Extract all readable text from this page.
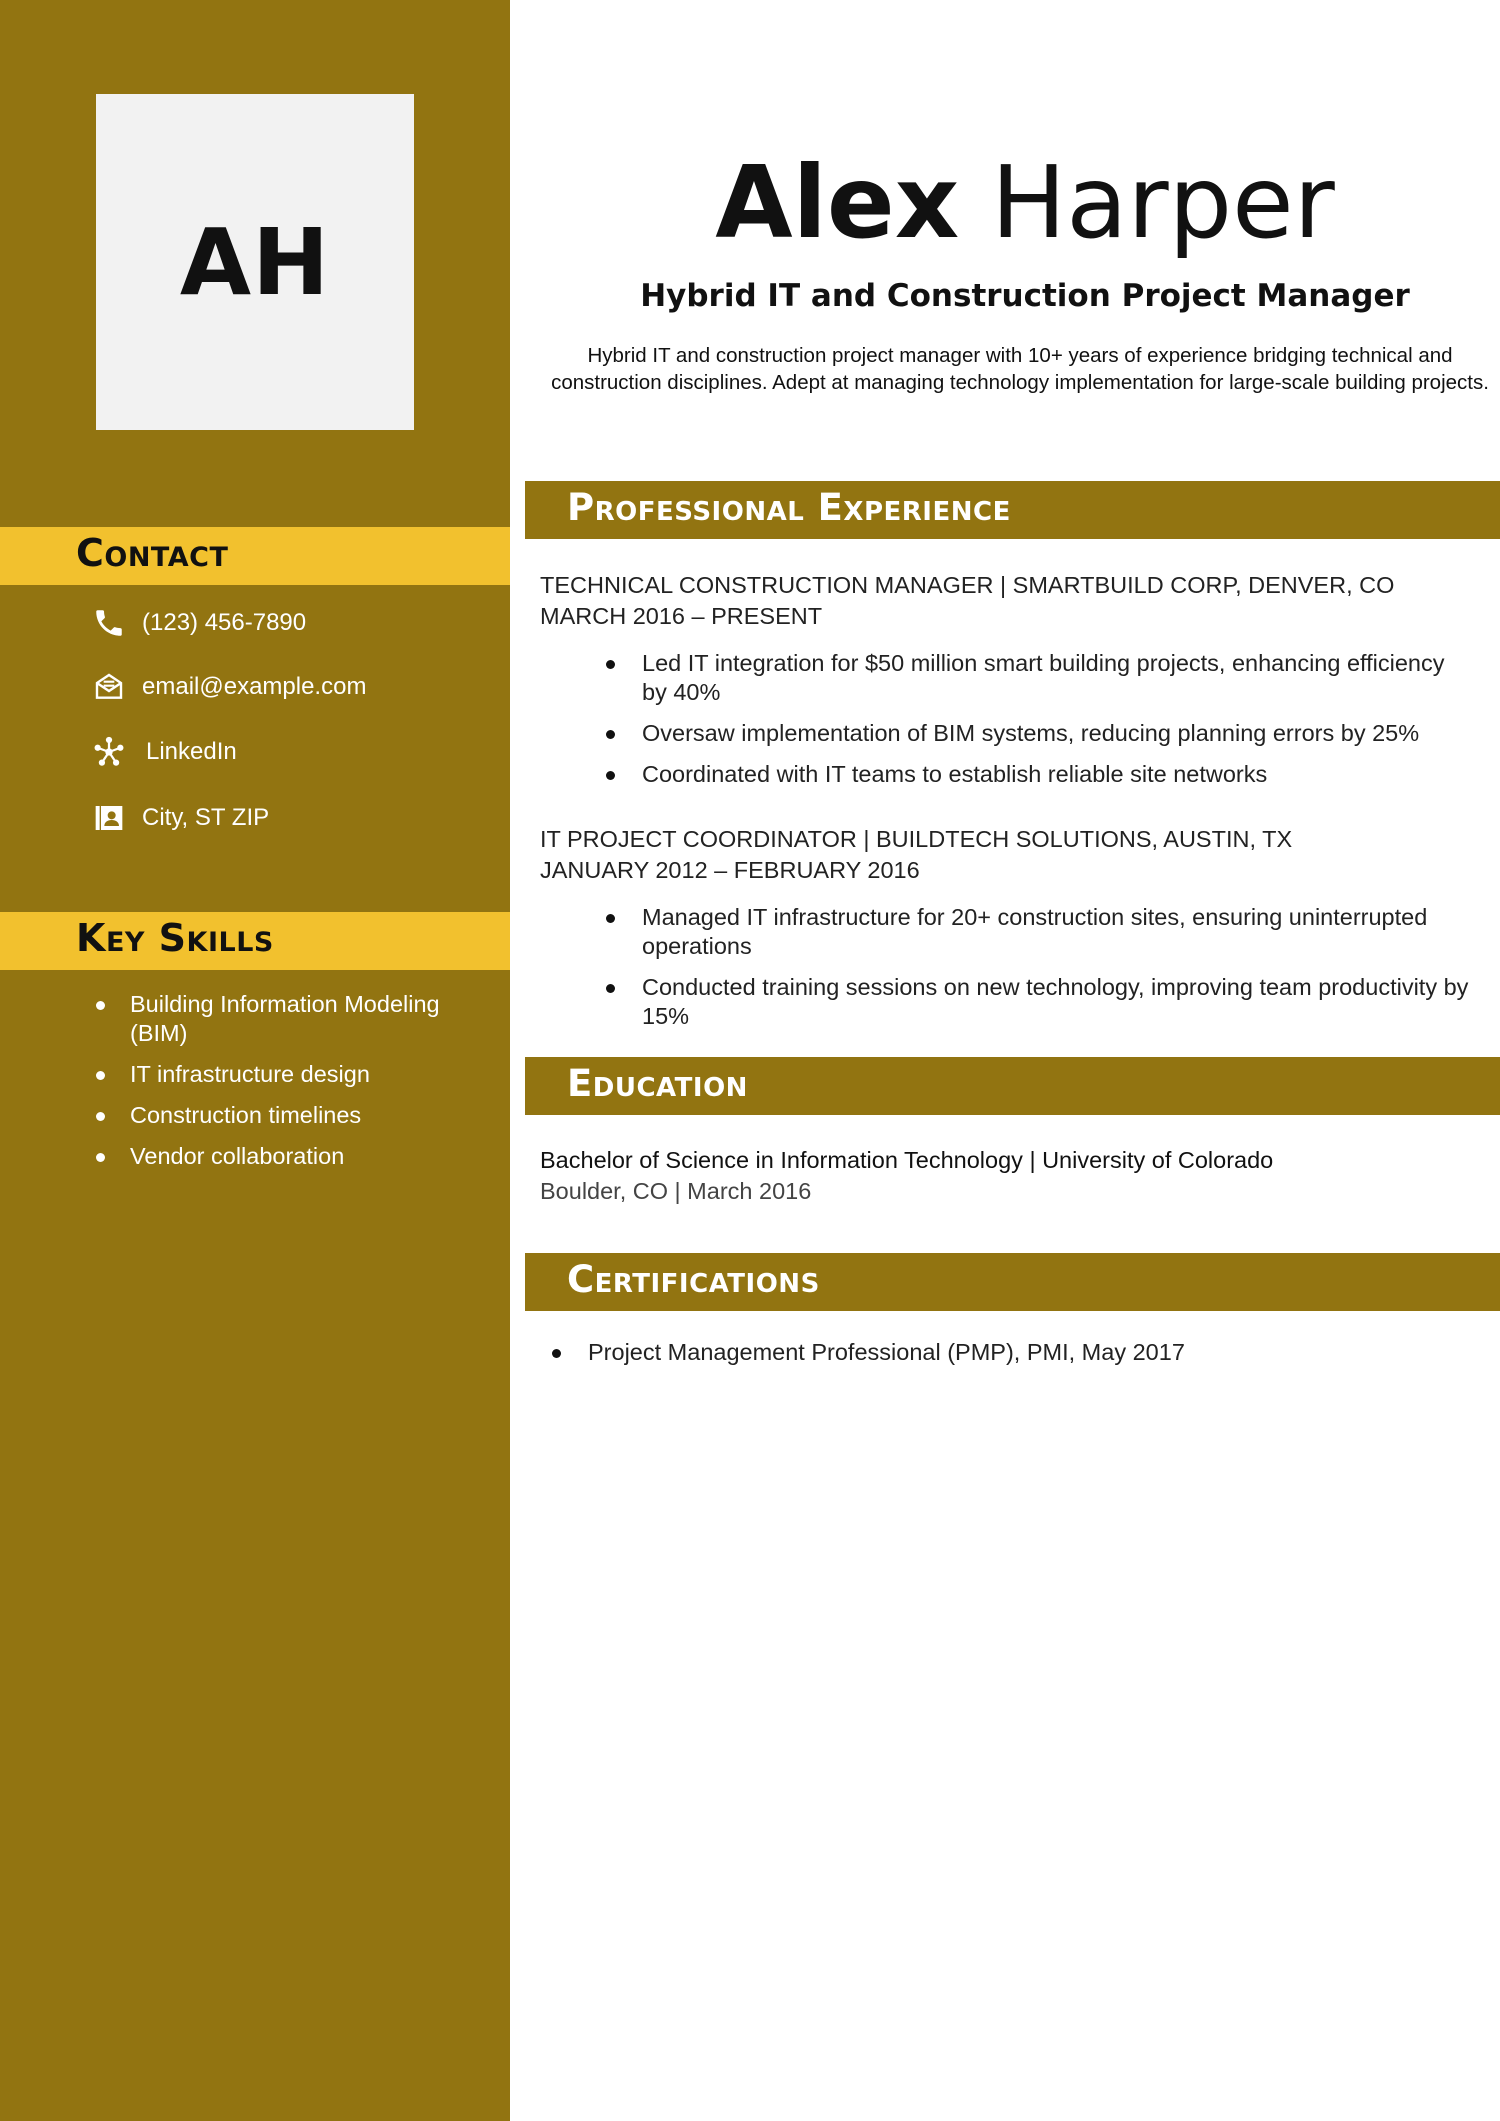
AH
Contact
(123) 456-7890
email@example.com
LinkedIn
City, ST ZIP
Key Skills
Building Information Modeling (BIM)
IT infrastructure design
Construction timelines
Vendor collaboration
Alex Harper
Hybrid IT and Construction Project Manager
Hybrid IT and construction project manager with 10+ years of experience bridging technical and construction disciplines. Adept at managing technology implementation for large-scale building projects.
Professional Experience
TECHNICAL CONSTRUCTION MANAGER | SMARTBUILD CORP, DENVER, CO
MARCH 2016 – PRESENT
Led IT integration for $50 million smart building projects, enhancing efficiency by 40%
Oversaw implementation of BIM systems, reducing planning errors by 25%
Coordinated with IT teams to establish reliable site networks
IT PROJECT COORDINATOR | BUILDTECH SOLUTIONS, AUSTIN, TX
JANUARY 2012 – FEBRUARY 2016
Managed IT infrastructure for 20+ construction sites, ensuring uninterrupted operations
Conducted training sessions on new technology, improving team productivity by 15%
Education
Bachelor of Science in Information Technology | University of Colorado
Boulder, CO | March 2016
Certifications
Project Management Professional (PMP), PMI, May 2017
